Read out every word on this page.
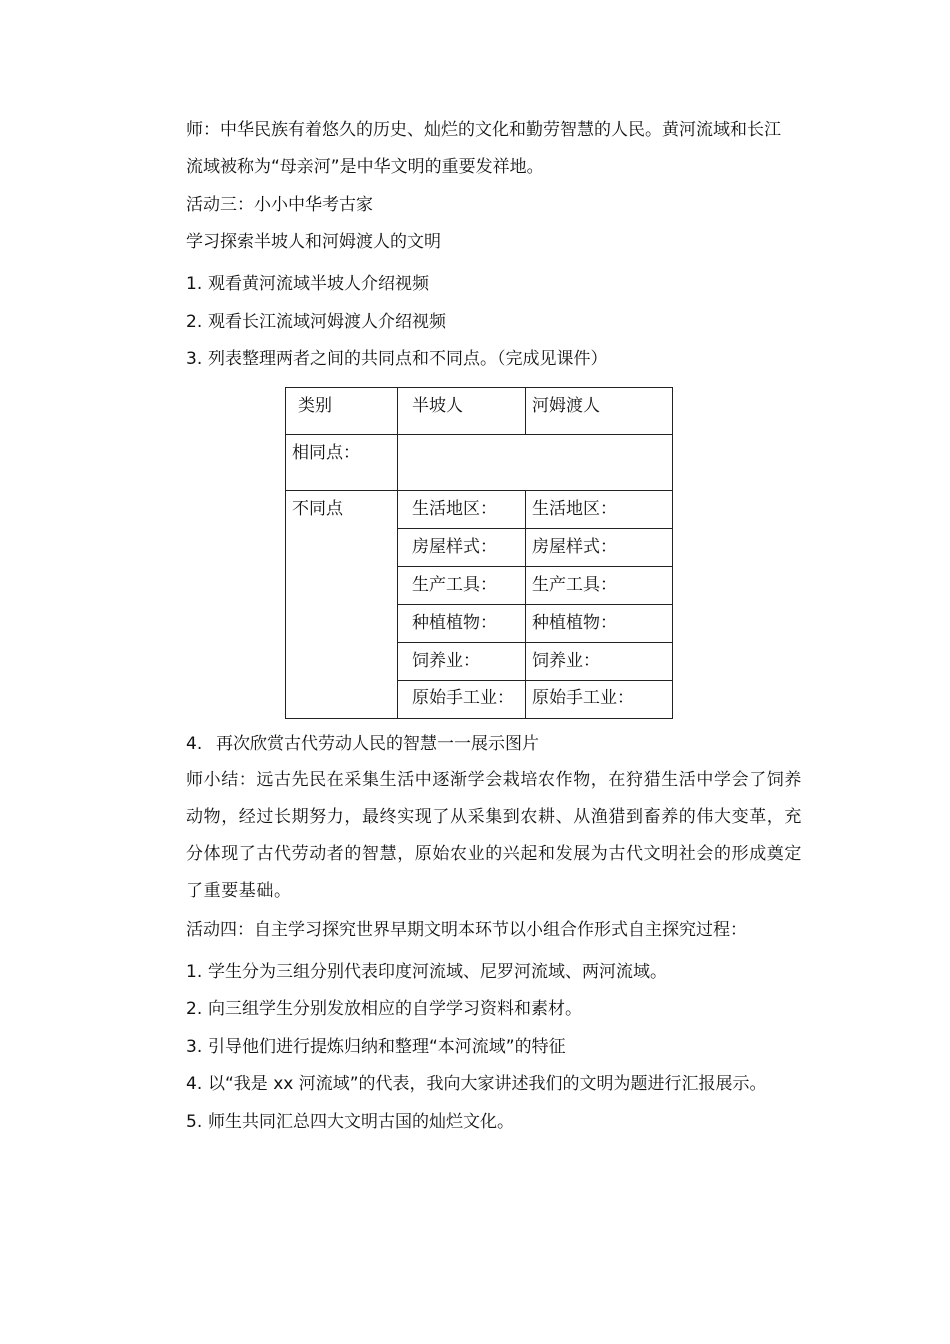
师：中华民族有着悠久的历史、灿烂的文化和勤劳智慧的人民。黄河流域和长江
流域被称为“母亲河”是中华文明的重要发祥地。
活动三：小小中华考古家
学习探索半坡人和河姆渡人的文明
1. 观看黄河流域半坡人介绍视频
2. 观看长江流域河姆渡人介绍视频
3. 列表整理两者之间的共同点和不同点。（完成见课件）
类别	半坡人	河姆渡人
相同点：		
不同点	生活地区：	生活地区：
	房屋样式：	房屋样式：
	生产工具：	生产工具：
	种植植物：	种植植物：
	饲养业：	饲养业：
	原始手工业：	原始手工业：
4. 再次欣赏古代劳动人民的智慧一一展示图片
师小结：远古先民在采集生活中逐渐学会栽培农作物，在狩猎生活中学会了饲养
动物，经过长期努力，最终实现了从采集到农耕、从渔猎到畜养的伟大变革，充
分体现了古代劳动者的智慧，原始农业的兴起和发展为古代文明社会的形成奠定
了重要基础。
活动四：自主学习探究世界早期文明本环节以小组合作形式自主探究过程：
1. 学生分为三组分别代表印度河流域、尼罗河流域、两河流域。
2. 向三组学生分别发放相应的自学学习资料和素材。
3. 引导他们进行提炼归纳和整理“本河流域”的特征
4. 以“我是 xx 河流域”的代表，我向大家讲述我们的文明为题进行汇报展示。
5. 师生共同汇总四大文明古国的灿烂文化。
